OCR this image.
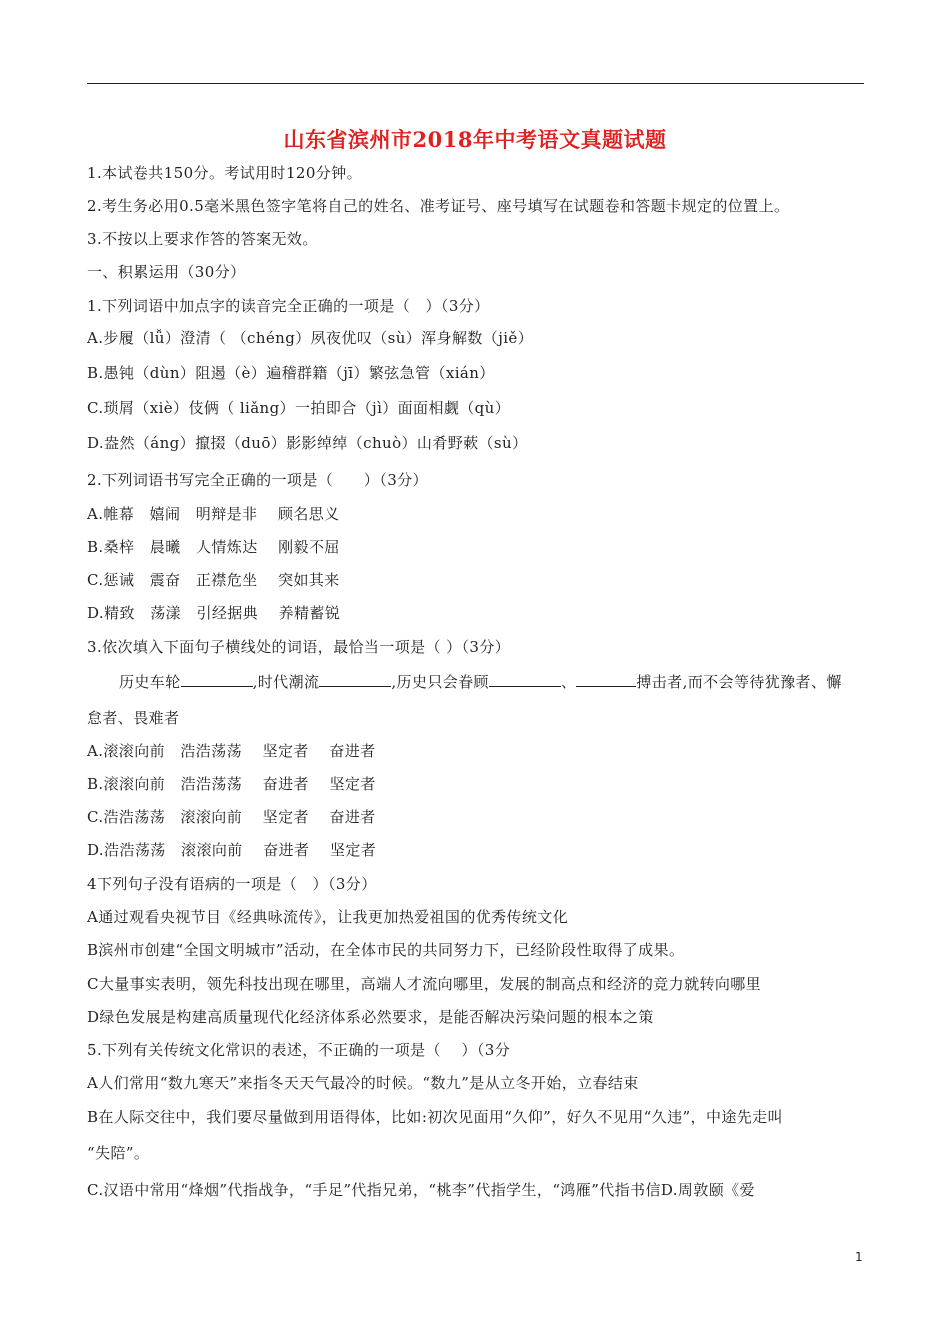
山东省滨州市2018年中考语文真题试题
1.本试卷共150分。考试用时120分钟。
2.考生务必用0.5毫米黑色签字笔将自己的姓名、准考证号、座号填写在试题卷和答题卡规定的位置上。
3.不按以上要求作答的答案无效。
一、积累运用（30分）
1.下列词语中加点字的读音完全正确的一项是（　）（3分）
A.步履（lǚ）澄清（ （chéng）夙夜优叹（sù）浑身解数（jiě）
B.愚钝（dùn）阻遏（è）遍稽群籍（jī）繁弦急管（xián）
C.琐屑（xiè）伎俩（ liǎng）一拍即合（jì）面面相觑（qù）
D.盎然（áng）攛掇（duō）影影绰绰（chuò）山肴野蔌（sù）
2.下列词语书写完全正确的一项是（　　）（3分）
A.帷幕　嬉闹　明辩是非　 顾名思义
B.桑梓　晨曦　人情炼达　 刚毅不屈
C.惩诫　震奋　正襟危坐　 突如其来
D.精致　荡漾　引经据典　 养精蓄锐
3.依次填入下面句子横线处的词语，最恰当一项是（ ）（3分）
历史车轮	,时代潮流	,历史只会眷顾	、	搏击者,而不会等待犹豫者、懈
怠者、畏难者
A.滚滚向前　浩浩荡荡　 坚定者　 奋进者
B.滚滚向前　浩浩荡荡　 奋进者　 坚定者
C.浩浩荡荡　滚滚向前　 坚定者　 奋进者
D.浩浩荡荡　滚滚向前　 奋进者　 坚定者
4下列句子没有语病的一项是（　）（3分）
A通过观看央视节目《经典咏流传》，让我更加热爱祖国的优秀传统文化
B滨州市创建“全国文明城市”活动，在全体市民的共同努力下，已经阶段性取得了成果。
C大量事实表明，领先科技出现在哪里，高端人才流向哪里，发展的制高点和经济的竞力就转向哪里
D绿色发展是构建高质量现代化经济体系必然要求，是能否解决污染问题的根本之策
5.下列有关传统文化常识的表述，不正确的一项是（　 ）（3分
A人们常用“数九寒天”来指冬天天气最冷的时候。“数九”是从立冬开始，立春结束
B在人际交往中，我们要尽量做到用语得体，比如:初次见面用“久仰”，好久不见用“久违”，中途先走叫
“失陪”。
C.汉语中常用“烽烟”代指战争，“手足”代指兄弟，“桃李”代指学生，“鸿雁”代指书信D.周敦颐《爱
1
